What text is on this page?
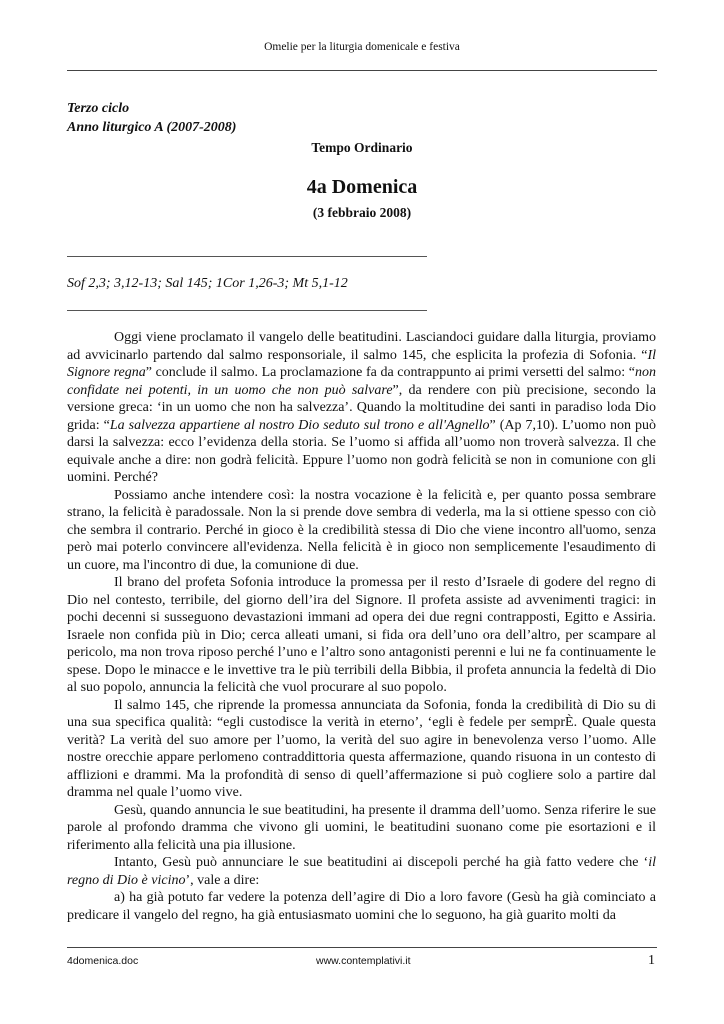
Omelie per la liturgia domenicale e festiva
Terzo ciclo
Anno liturgico A (2007-2008)
Tempo Ordinario
4a Domenica
(3 febbraio 2008)
Sof 2,3; 3,12-13; Sal 145; 1Cor 1,26-3; Mt 5,1-12

Oggi viene proclamato il vangelo delle beatitudini. Lasciandoci guidare dalla liturgia, proviamo ad avvicinarlo partendo dal salmo responsoriale, il salmo 145, che esplicita la profezia di Sofonia. “Il Signore regna” conclude il salmo. La proclamazione fa da contrappunto ai primi versetti del salmo: “non confidate nei potenti, in un uomo che non può salvare”, da rendere con più precisione, secondo la versione greca: ‘in un uomo che non ha salvezza’. Quando la moltitudine dei santi in paradiso loda Dio grida: “La salvezza appartiene al nostro Dio seduto sul trono e all'Agnello” (Ap 7,10). L’uomo non può darsi la salvezza: ecco l’evidenza della storia. Se l’uomo si affida all’uomo non troverà salvezza. Il che equivale anche a dire: non godrà felicità. Eppure l’uomo non godrà felicità se non in comunione con gli uomini. Perché?

Possiamo anche intendere così: la nostra vocazione è la felicità e, per quanto possa sembrare strano, la felicità è paradossale. Non la si prende dove sembra di vederla, ma la si ottiene spesso con ciò che sembra il contrario. Perché in gioco è la credibilità stessa di Dio che viene incontro all'uomo, senza però mai poterlo convincere all'evidenza. Nella felicità è in gioco non semplicemente l'esaudimento di un cuore, ma l'incontro di due, la comunione di due.

Il brano del profeta Sofonia introduce la promessa per il resto d’Israele di godere del regno di Dio nel contesto, terribile, del giorno dell’ira del Signore. Il profeta assiste ad avvenimenti tragici: in pochi decenni si susseguono devastazioni immani ad opera dei due regni contrapposti, Egitto e Assiria. Israele non confida più in Dio; cerca alleati umani, si fida ora dell’uno ora dell’altro, per scampare al pericolo, ma non trova riposo perché l’uno e l’altro sono antagonisti perenni e lui ne fa continuamente le spese. Dopo le minacce e le invettive tra le più terribili della Bibbia, il profeta annuncia la fedeltà di Dio al suo popolo, annuncia la felicità che vuol procurare al suo popolo.

Il salmo 145, che riprende la promessa annunciata da Sofonia, fonda la credibilità di Dio su di una sua specifica qualità: “egli custodisce la verità in eterno’, ‘egli è fedele per semprÈ. Quale questa verità? La verità del suo amore per l’uomo, la verità del suo agire in benevolenza verso l’uomo. Alle nostre orecchie appare perlomeno contraddittoria questa affermazione, quando risuona in un contesto di afflizioni e drammi. Ma la profondità di senso di quell’affermazione si può cogliere solo a partire dal dramma nel quale l’uomo vive.

Gesù, quando annuncia le sue beatitudini, ha presente il dramma dell’uomo. Senza riferire le sue parole al profondo dramma che vivono gli uomini, le beatitudini suonano come pie esortazioni e il riferimento alla felicità una pia illusione.

Intanto, Gesù può annunciare le sue beatitudini ai discepoli perché ha già fatto vedere che ‘il regno di Dio è vicino’, vale a dire:

a) ha già potuto far vedere la potenza dell’agire di Dio a loro favore (Gesù ha già cominciato a predicare il vangelo del regno, ha già entusiasmato uomini che lo seguono, ha già guarito molti da

4domenica.doc	www.contemplativi.it	1
